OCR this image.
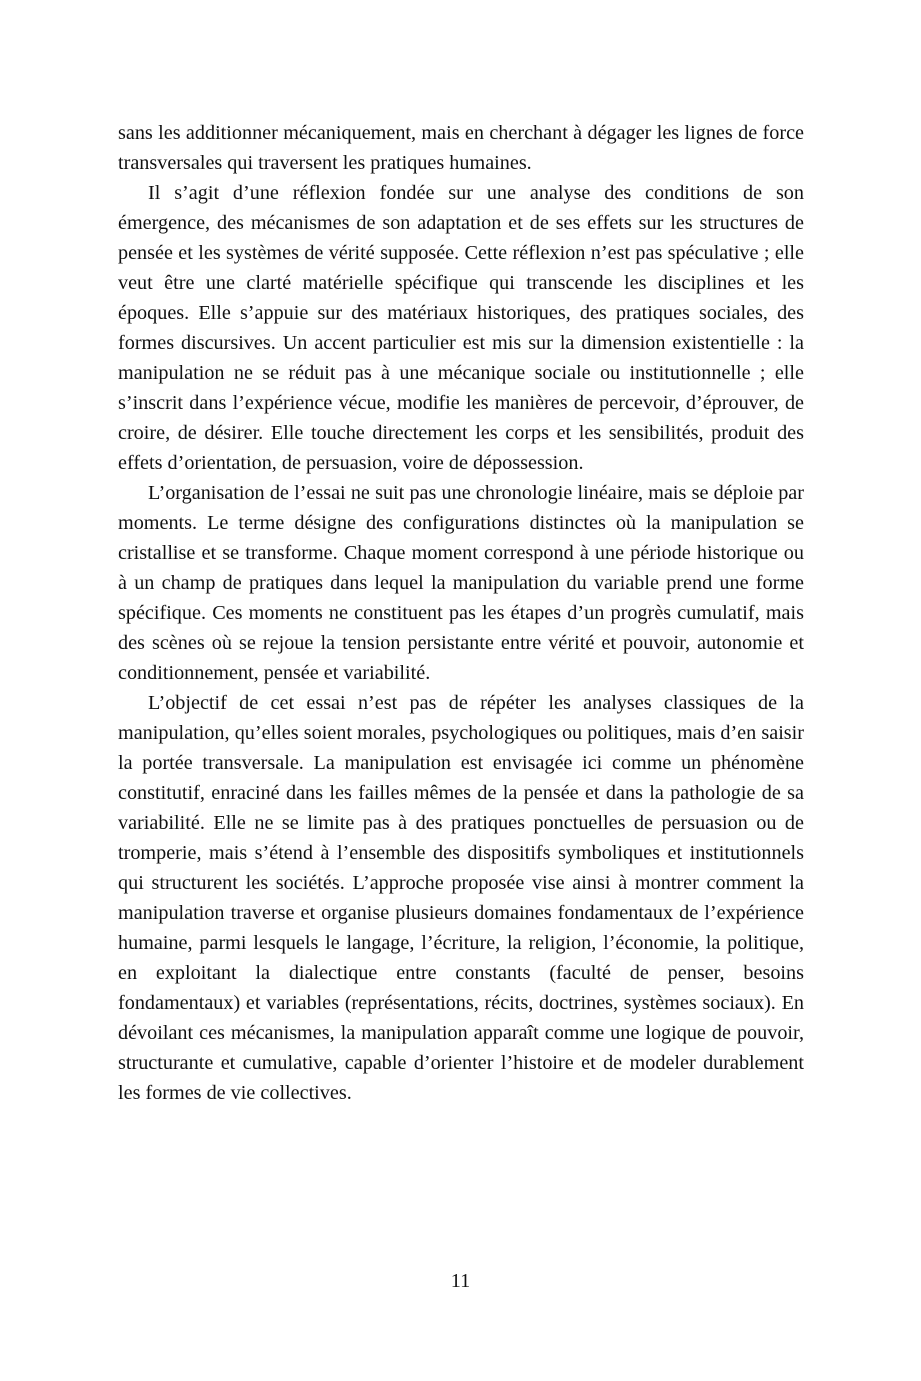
sans les additionner mécaniquement, mais en cherchant à dégager les lignes de force transversales qui traversent les pratiques humaines.

Il s’agit d’une réflexion fondée sur une analyse des conditions de son émergence, des mécanismes de son adaptation et de ses effets sur les structures de pensée et les systèmes de vérité supposée. Cette réflexion n’est pas spéculative ; elle veut être une clarté matérielle spécifique qui transcende les disciplines et les époques. Elle s’appuie sur des matériaux historiques, des pratiques sociales, des formes discursives. Un accent particulier est mis sur la dimension existentielle : la manipulation ne se réduit pas à une mécanique sociale ou institutionnelle ; elle s’inscrit dans l’expérience vécue, modifie les manières de percevoir, d’éprouver, de croire, de désirer. Elle touche directement les corps et les sensibilités, produit des effets d’orientation, de persuasion, voire de dépossession.

L’organisation de l’essai ne suit pas une chronologie linéaire, mais se déploie par moments. Le terme désigne des configurations distinctes où la manipulation se cristallise et se transforme. Chaque moment correspond à une période historique ou à un champ de pratiques dans lequel la manipulation du variable prend une forme spécifique. Ces moments ne constituent pas les étapes d’un progrès cumulatif, mais des scènes où se rejoue la tension persistante entre vérité et pouvoir, autonomie et conditionnement, pensée et variabilité.

L’objectif de cet essai n’est pas de répéter les analyses classiques de la manipulation, qu’elles soient morales, psychologiques ou politiques, mais d’en saisir la portée transversale. La manipulation est envisagée ici comme un phénomène constitutif, enraciné dans les failles mêmes de la pensée et dans la pathologie de sa variabilité. Elle ne se limite pas à des pratiques ponctuelles de persuasion ou de tromperie, mais s’étend à l’ensemble des dispositifs symboliques et institutionnels qui structurent les sociétés. L’approche proposée vise ainsi à montrer comment la manipulation traverse et organise plusieurs domaines fondamentaux de l’expérience humaine, parmi lesquels le langage, l’écriture, la religion, l’économie, la politique, en exploitant la dialectique entre constants (faculté de penser, besoins fondamentaux) et variables (représentations, récits, doctrines, systèmes sociaux). En dévoilant ces mécanismes, la manipulation apparaît comme une logique de pouvoir, structurante et cumulative, capable d’orienter l’histoire et de modeler durablement les formes de vie collectives.

11
